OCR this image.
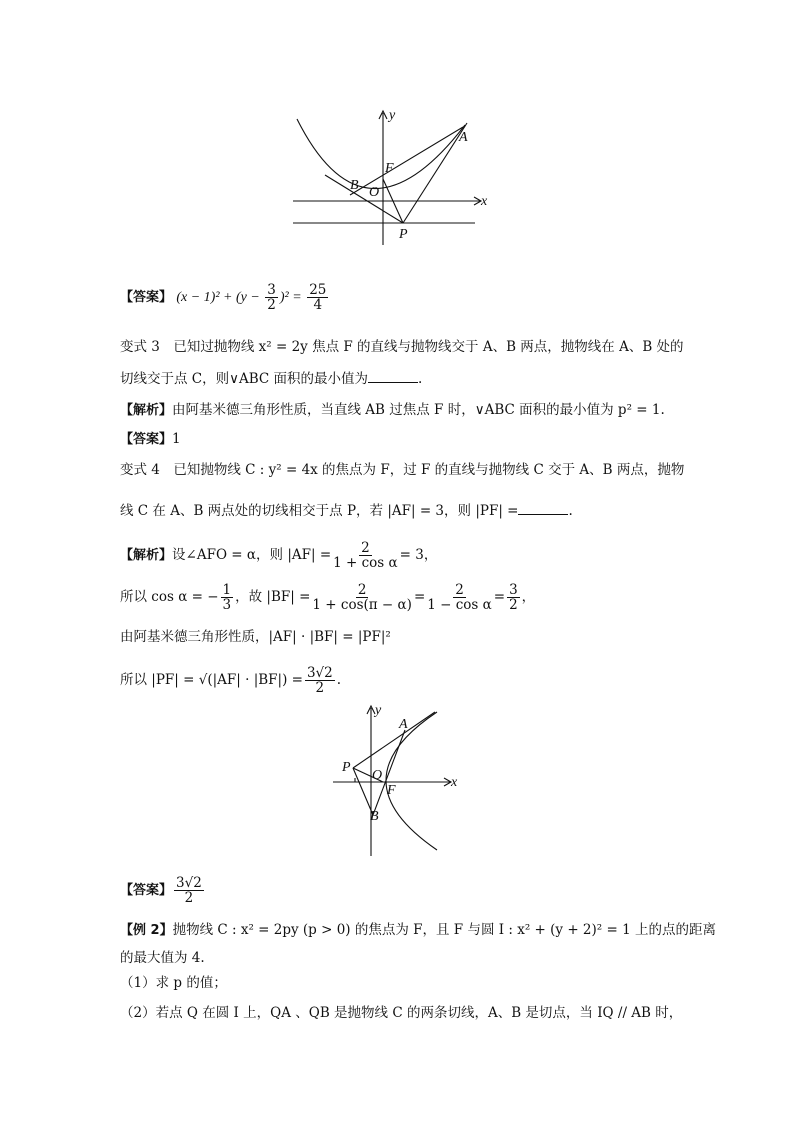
y
x
A
B
F
O
P
【答案】 $(x - 1)^2 + (y - \frac{3}{2} )^2 = \frac{25}{4}$
变式 3　已知过抛物线 x² = 2y 焦点 F 的直线与抛物线交于 A、B 两点，抛物线在 A、B 处的
切线交于点 C，则∨ABC 面积的最小值为	.
【解析】由阿基米德三角形性质，当直线 AB 过焦点 F 时，∨ABC 面积的最小值为 p² = 1.
【答案】1
变式 4　已知抛物线 C : y² = 4x 的焦点为 F，过 F 的直线与抛物线 C 交于 A、B 两点，抛物
线 C 在 A、B 两点处的切线相交于点 P，若 |AF| = 3，则 |PF| =	.
【解析】设∠AFO = α，则 $|AF| = \frac{2}{\text{1 + cos α}} = 3$，
所以 cos α = − $\frac{1}{3}$ ，故 $|BF| = \frac{2}{1 + \cos(\pi - \alpha)} = \frac{2}{\text{1 − cos α}} = \frac{3}{2}$ ，
由阿基米德三角形性质，|AF| · |BF| = |PF|²
所以 $|PF| = √(|AF| \cdot |BF|) = \frac{3√2}{2}$ .
y
x
A
B
F
O
P
【答案】 $\frac{3√2}{2}$
【例 2】抛物线 C : x² = 2py (p > 0) 的焦点为 F，且 F 与圆 I : x² + (y + 2)² = 1 上的点的距离
的最大值为 4.
（1）求 p 的值；
（2）若点 Q 在圆 I 上，QA 、QB 是抛物线 C 的两条切线，A、B 是切点，当 IQ // AB 时，
